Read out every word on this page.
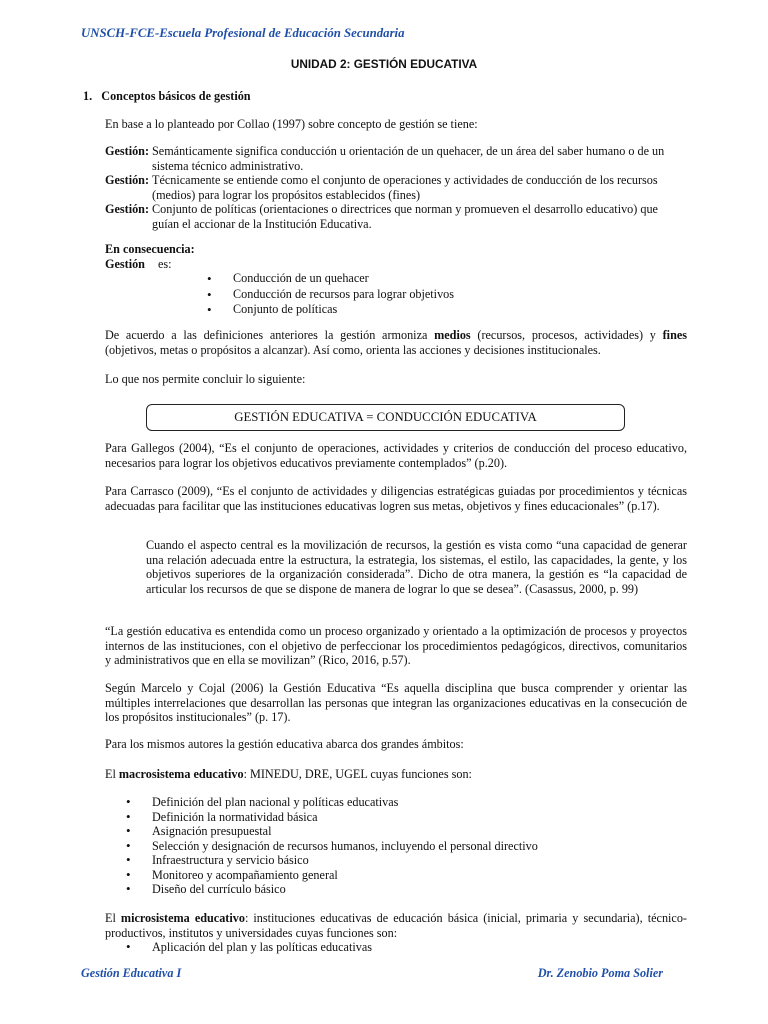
UNSCH-FCE-Escuela Profesional de Educación Secundaria
UNIDAD 2: GESTIÓN EDUCATIVA
1. Conceptos básicos de gestión
En base a lo planteado por Collao (1997) sobre concepto de gestión se tiene:
Gestión: Semánticamente significa conducción u orientación de un quehacer, de un área del saber humano o de un sistema técnico administrativo.
Gestión: Técnicamente se entiende como el conjunto de operaciones y actividades de conducción de los recursos (medios) para lograr los propósitos establecidos (fines)
Gestión: Conjunto de políticas (orientaciones o directrices que norman y promueven el desarrollo educativo) que guían el accionar de la Institución Educativa.
En consecuencia:
Gestión es:
• Conducción de un quehacer
• Conducción de recursos para lograr objetivos
• Conjunto de políticas
De acuerdo a las definiciones anteriores la gestión armoniza medios (recursos, procesos, actividades) y fines (objetivos, metas o propósitos a alcanzar). Así como, orienta las acciones y decisiones institucionales.
Lo que nos permite concluir lo siguiente:
GESTIÓN EDUCATIVA = CONDUCCIÓN EDUCATIVA
Para Gallegos (2004), “Es el conjunto de operaciones, actividades y criterios de conducción del proceso educativo, necesarios para lograr los objetivos educativos previamente contemplados” (p.20).
Para Carrasco (2009), “Es el conjunto de actividades y diligencias estratégicas guiadas por procedimientos y técnicas adecuadas para facilitar que las instituciones educativas logren sus metas, objetivos y fines educacionales” (p.17).
Cuando el aspecto central es la movilización de recursos, la gestión es vista como “una capacidad de generar una relación adecuada entre la estructura, la estrategia, los sistemas, el estilo, las capacidades, la gente, y los objetivos superiores de la organización considerada”. Dicho de otra manera, la gestión es “la capacidad de articular los recursos de que se dispone de manera de lograr lo que se desea”. (Casassus, 2000, p. 99)
“La gestión educativa es entendida como un proceso organizado y orientado a la optimización de procesos y proyectos internos de las instituciones, con el objetivo de perfeccionar los procedimientos pedagógicos, directivos, comunitarios y administrativos que en ella se movilizan” (Rico, 2016, p.57).
Según Marcelo y Cojal (2006) la Gestión Educativa “Es aquella disciplina que busca comprender y orientar las múltiples interrelaciones que desarrollan las personas que integran las organizaciones educativas en la consecución de los propósitos institucionales” (p. 17).
Para los mismos autores la gestión educativa abarca dos grandes ámbitos:
El macrosistema educativo: MINEDU, DRE, UGEL cuyas funciones son:
• Definición del plan nacional y políticas educativas
• Definición la normatividad básica
• Asignación presupuestal
• Selección y designación de recursos humanos, incluyendo el personal directivo
• Infraestructura y servicio básico
• Monitoreo y acompañamiento general
• Diseño del currículo básico
El microsistema educativo: instituciones educativas de educación básica (inicial, primaria y secundaria), técnico- productivos, institutos y universidades cuyas funciones son:
• Aplicación del plan y las políticas educativas
Gestión Educativa I	Dr. Zenobio Poma Solier
